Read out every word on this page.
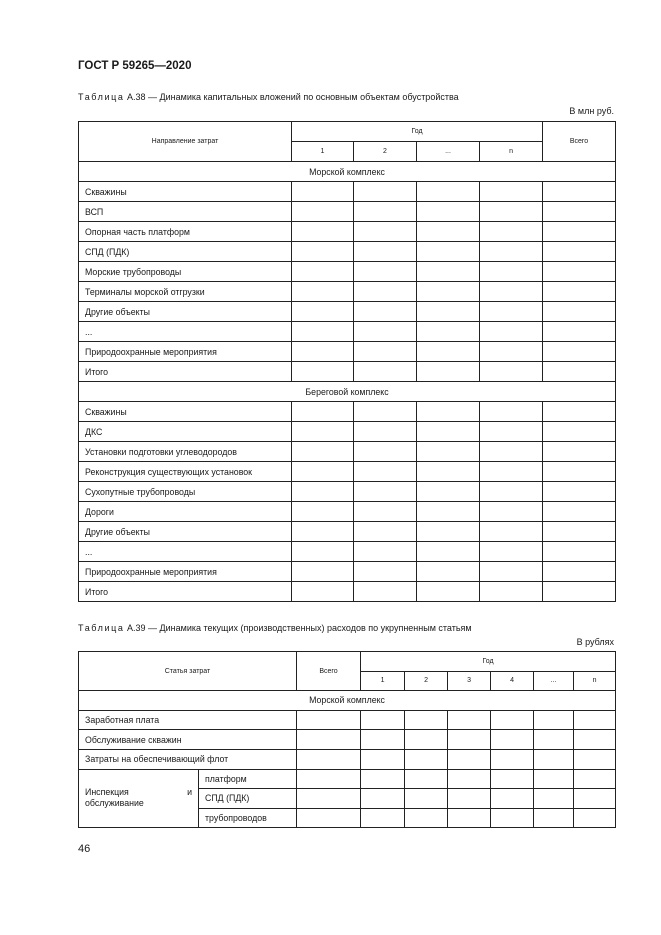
ГОСТ Р 59265—2020
Таблица А.38 — Динамика капитальных вложений по основным объектам обустройства
В млн руб.
Направление затрат	Год				Всего
	1	2	...	n	
Морской комплекс					
Скважины					
ВСП					
Опорная часть платформ					
СПД (ПДК)					
Морские трубопроводы					
Терминалы морской отгрузки					
Другие объекты					
...					
Природоохранные мероприятия					
Итого					
Береговой комплекс					
Скважины					
ДКС					
Установки подготовки углеводородов					
Реконструкция существующих установок					
Сухопутные трубопроводы					
Дороги					
Другие объекты					
...					
Природоохранные мероприятия					
Итого					
Таблица А.39 — Динамика текущих (производственных) расходов по укрупненным статьям
В рублях
Статья затрат		Всего	Год					
			1	2	3	4	...	n
Морской комплекс								
Заработная плата								
Обслуживание скважин								
Затраты на обеспечивающий флот								
Инспекция и обслуживание	платформ							
	СПД (ПДК)							
	трубопроводов							
46
